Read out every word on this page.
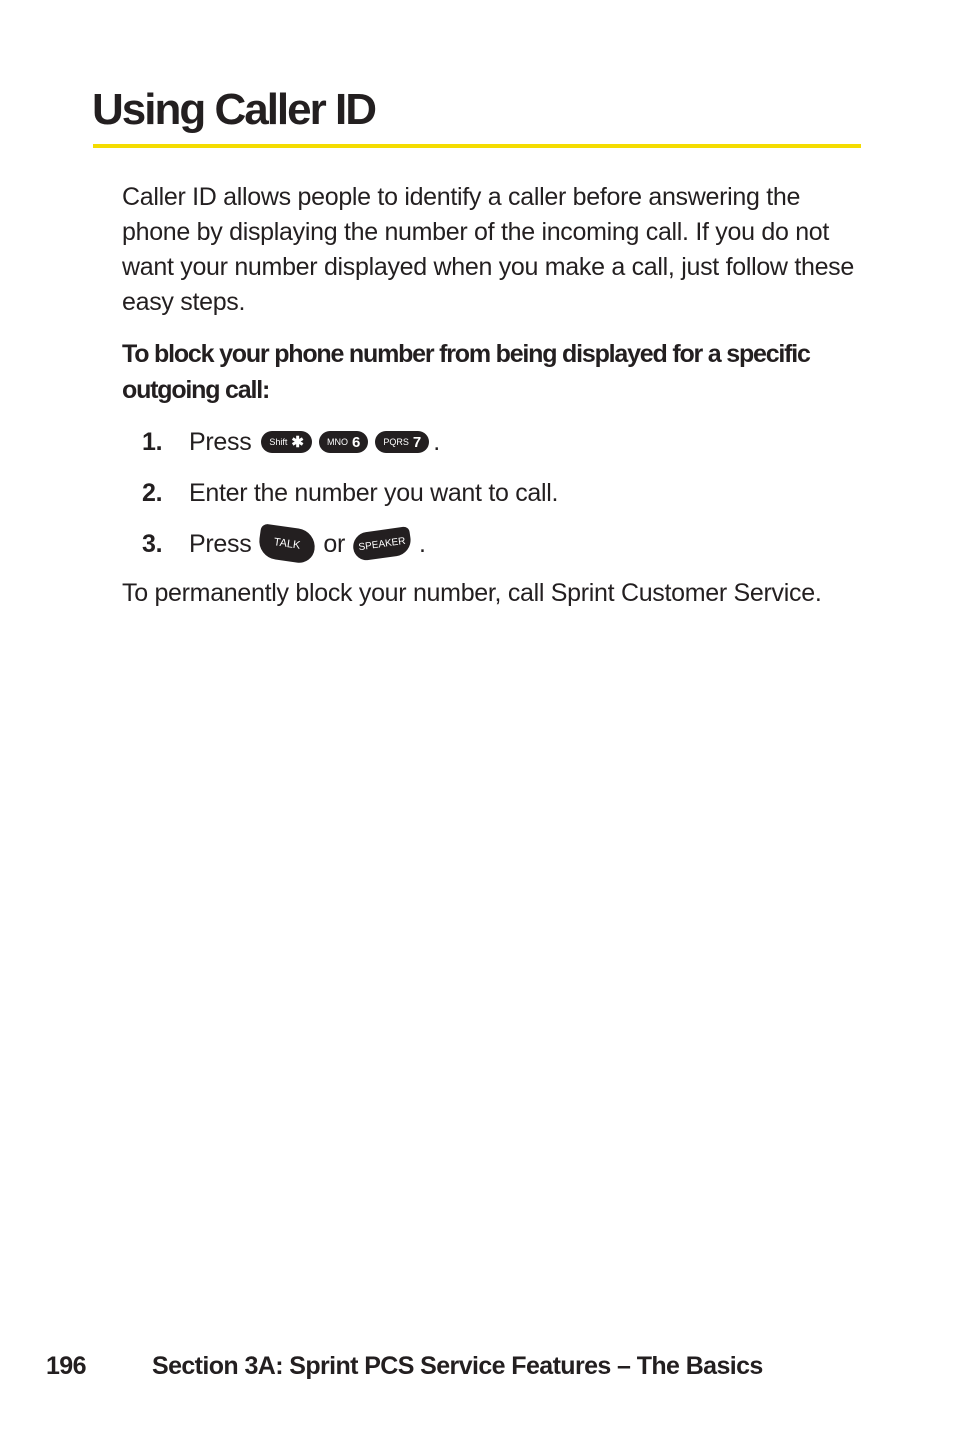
Using Caller ID

Caller ID allows people to identify a caller before answering the phone by displaying the number of the incoming call. If you do not want your number displayed when you make a call, just follow these easy steps.

To block your phone number from being displayed for a specific outgoing call:

1.	Press Shift ✱	MNO 6	PQRS 7 .
2.	Enter the number you want to call.
3.	Press	TALK or	SPEAKER .

To permanently block your number, call Sprint Customer Service.

196	Section 3A: Sprint PCS Service Features – The Basics
